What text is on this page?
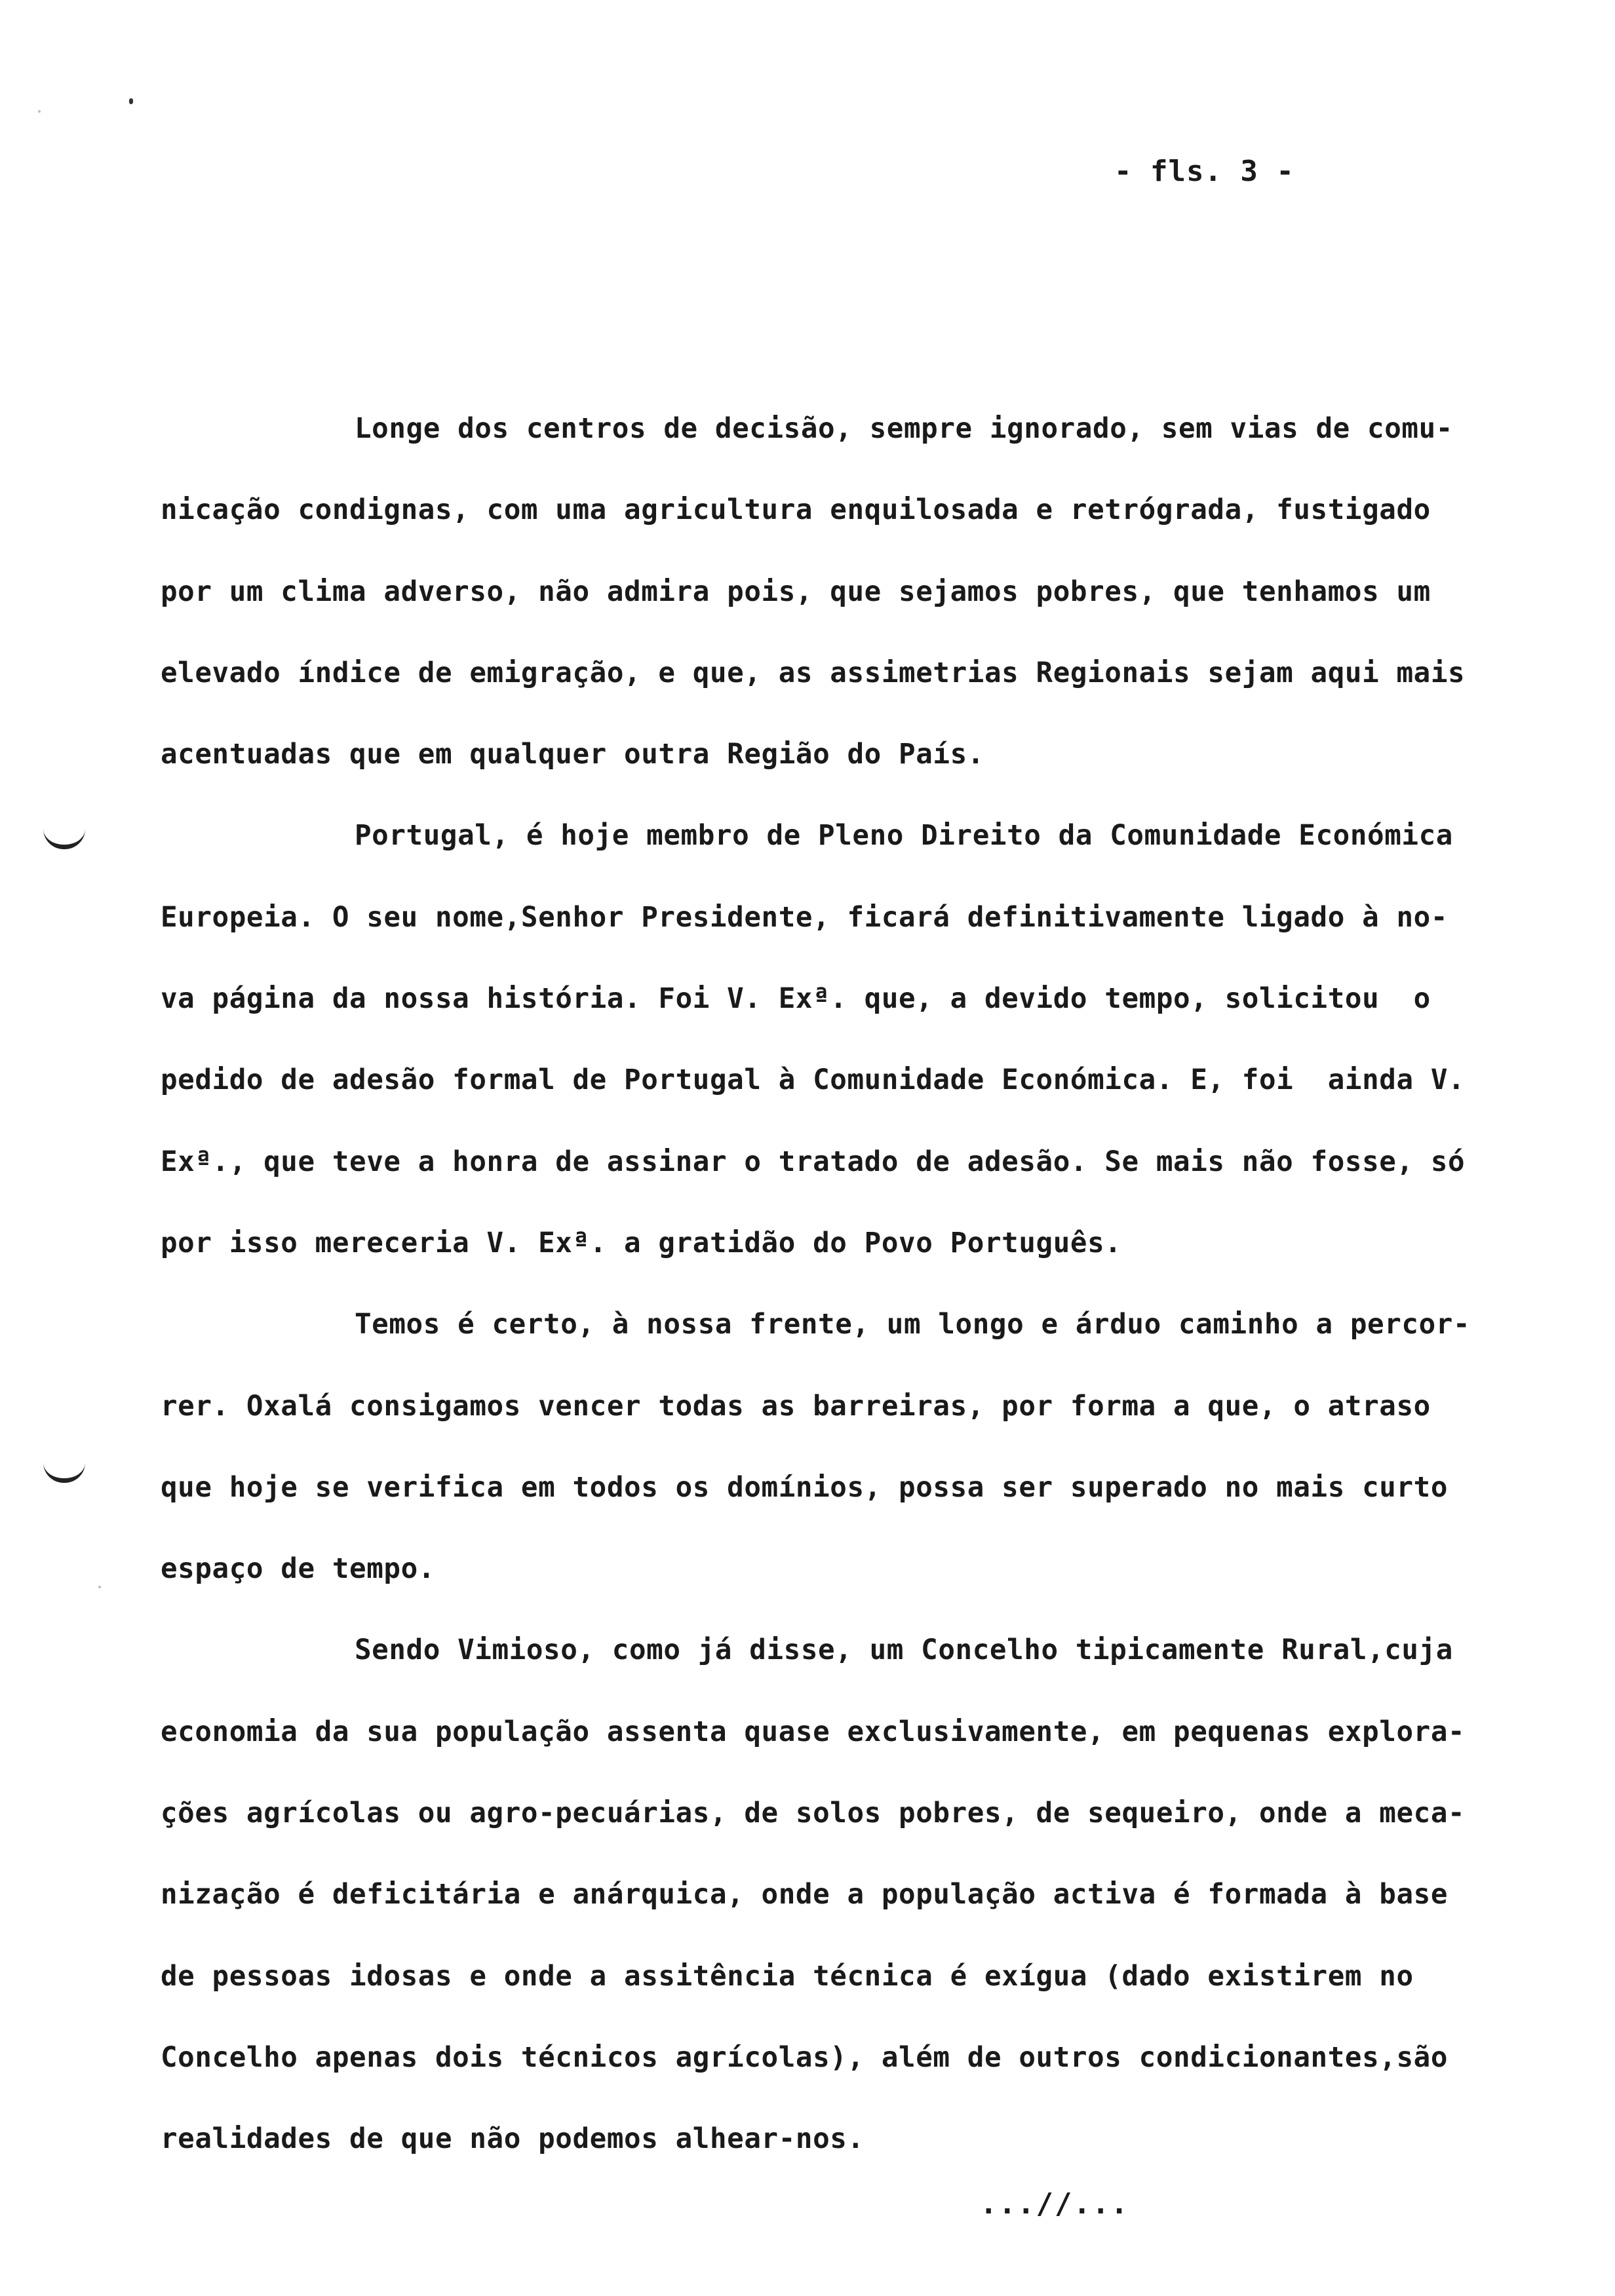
- fls. 3 -
Longe dos centros de decisão, sempre ignorado, sem vias de comu-
nicação condignas, com uma agricultura enquilosada e retrógrada, fustigado
por um clima adverso, não admira pois, que sejamos pobres, que tenhamos um
elevado índice de emigração, e que, as assimetrias Regionais sejam aqui mais
acentuadas que em qualquer outra Região do País.
Portugal, é hoje membro de Pleno Direito da Comunidade Económica
Europeia. O seu nome,Senhor Presidente, ficará definitivamente ligado à no-
va página da nossa história. Foi V. Exª. que, a devido tempo, solicitou  o
pedido de adesão formal de Portugal à Comunidade Económica. E, foi  ainda V.
Exª., que teve a honra de assinar o tratado de adesão. Se mais não fosse, só
por isso mereceria V. Exª. a gratidão do Povo Português.
Temos é certo, à nossa frente, um longo e árduo caminho a percor-
rer. Oxalá consigamos vencer todas as barreiras, por forma a que, o atraso
que hoje se verifica em todos os domínios, possa ser superado no mais curto
espaço de tempo.
Sendo Vimioso, como já disse, um Concelho tipicamente Rural,cuja
economia da sua população assenta quase exclusivamente, em pequenas explora-
ções agrícolas ou agro-pecuárias, de solos pobres, de sequeiro, onde a meca-
nização é deficitária e anárquica, onde a população activa é formada à base
de pessoas idosas e onde a assitência técnica é exígua (dado existirem no
Concelho apenas dois técnicos agrícolas), além de outros condicionantes,são
realidades de que não podemos alhear-nos.
...//...
